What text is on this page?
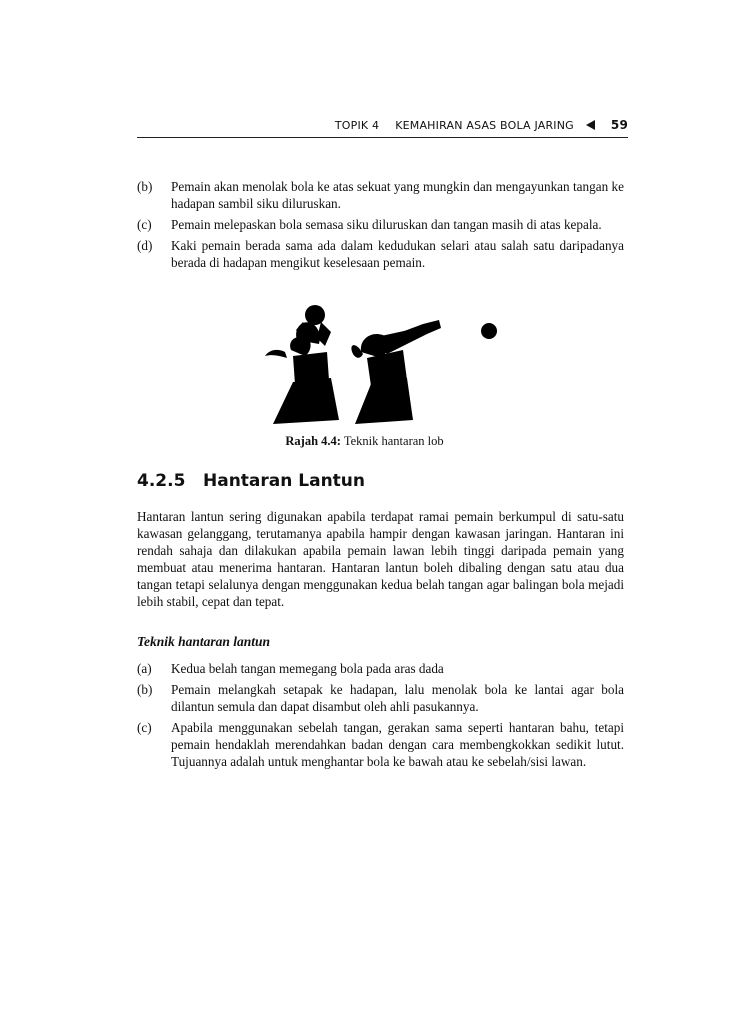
TOPIK 4 KEMAHIRAN ASAS BOLA JARING	59
(b)	Pemain akan menolak bola ke atas sekuat yang mungkin dan mengayunkan tangan ke hadapan sambil siku diluruskan.
(c)	Pemain melepaskan bola semasa siku diluruskan dan tangan masih di atas kepala.
(d)	Kaki pemain berada sama ada dalam kedudukan selari atau salah satu daripadanya berada di hadapan mengikut keselesaan pemain.
Rajah 4.4: Teknik hantaran lob
4.2.5 Hantaran Lantun

Hantaran lantun sering digunakan apabila terdapat ramai pemain berkumpul di satu-satu kawasan gelanggang, terutamanya apabila hampir dengan kawasan jaringan. Hantaran ini rendah sahaja dan dilakukan apabila pemain lawan lebih tinggi daripada pemain yang membuat atau menerima hantaran. Hantaran lantun boleh dibaling dengan satu atau dua tangan tetapi selalunya dengan menggunakan kedua belah tangan agar balingan bola mejadi lebih stabil, cepat dan tepat.

Teknik hantaran lantun
(a)	Kedua belah tangan memegang bola pada aras dada
(b)	Pemain melangkah setapak ke hadapan, lalu menolak bola ke lantai agar bola dilantun semula dan dapat disambut oleh ahli pasukannya.
(c)	Apabila menggunakan sebelah tangan, gerakan sama seperti hantaran bahu, tetapi pemain hendaklah merendahkan badan dengan cara membengkokkan sedikit lutut. Tujuannya adalah untuk menghantar bola ke bawah atau ke sebelah/sisi lawan.
